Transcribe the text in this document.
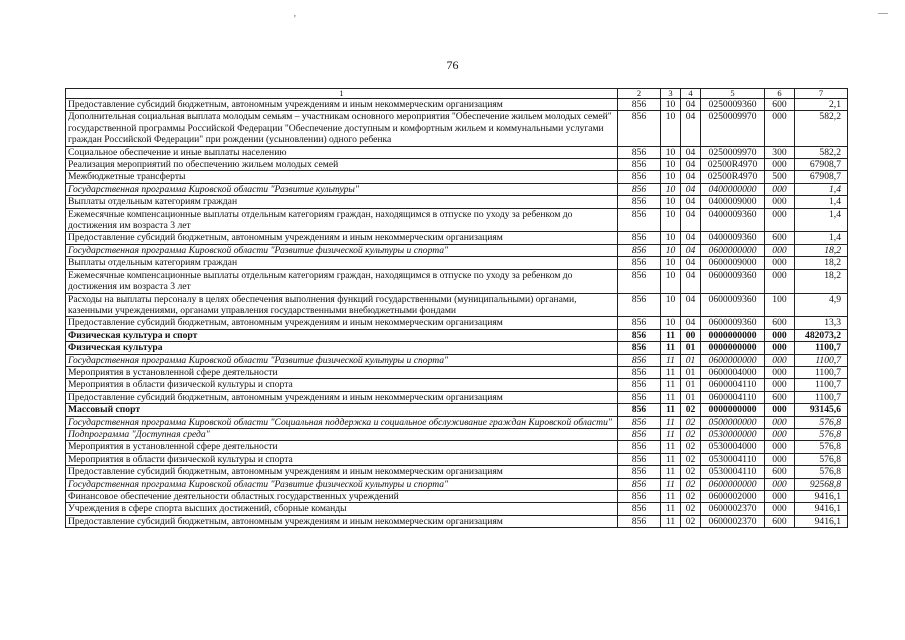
'
—
76
1	2	3	4	5	6	7
Предоставление субсидий бюджетным, автономным учреждениям и иным некоммерческим организациям	856	10	04	0250009360	600	2,1
Дополнительная социальная выплата молодым семьям – участникам основного мероприятия "Обеспечение жильем молодых семей" государственной программы Российской Федерации "Обеспечение доступным и комфортным жильем и коммунальными услугами граждан Российской Федерации" при рождении (усыновлении) одного ребенка	856	10	04	0250009970	000	582,2
Социальное обеспечение и иные выплаты населению	856	10	04	0250009970	300	582,2
Реализация мероприятий по обеспечению жильем молодых семей	856	10	04	02500R4970	000	67908,7
Межбюджетные трансферты	856	10	04	02500R4970	500	67908,7
Государственная программа Кировской области "Развитие культуры"	856	10	04	0400000000	000	1,4
Выплаты отдельным категориям граждан	856	10	04	0400009000	000	1,4
Ежемесячные компенсационные выплаты отдельным категориям граждан, находящимся в отпуске по уходу за ребенком до достижения им возраста 3 лет	856	10	04	0400009360	000	1,4
Предоставление субсидий бюджетным, автономным учреждениям и иным некоммерческим организациям	856	10	04	0400009360	600	1,4
Государственная программа Кировской области "Развитие физической культуры и спорта"	856	10	04	0600000000	000	18,2
Выплаты отдельным категориям граждан	856	10	04	0600009000	000	18,2
Ежемесячные компенсационные выплаты отдельным категориям граждан, находящимся в отпуске по уходу за ребенком до достижения им возраста 3 лет	856	10	04	0600009360	000	18,2
Расходы на выплаты персоналу в целях обеспечения выполнения функций государственными (муниципальными) органами, казенными учреждениями, органами управления государственными внебюджетными фондами	856	10	04	0600009360	100	4,9
Предоставление субсидий бюджетным, автономным учреждениям и иным некоммерческим организациям	856	10	04	0600009360	600	13,3
Физическая культура и спорт	856	11	00	0000000000	000	482073,2
Физическая культура	856	11	01	0000000000	000	1100,7
Государственная программа Кировской области "Развитие физической культуры и спорта"	856	11	01	0600000000	000	1100,7
Мероприятия в установленной сфере деятельности	856	11	01	0600004000	000	1100,7
Мероприятия в области физической культуры и спорта	856	11	01	0600004110	000	1100,7
Предоставление субсидий бюджетным, автономным учреждениям и иным некоммерческим организациям	856	11	01	0600004110	600	1100,7
Массовый спорт	856	11	02	0000000000	000	93145,6
Государственная программа Кировской области "Социальная поддержка и социальное обслуживание граждан Кировской области"	856	11	02	0500000000	000	576,8
Подпрограмма "Доступная среда"	856	11	02	0530000000	000	576,8
Мероприятия в установленной сфере деятельности	856	11	02	0530004000	000	576,8
Мероприятия в области физической культуры и спорта	856	11	02	0530004110	000	576,8
Предоставление субсидий бюджетным, автономным учреждениям и иным некоммерческим организациям	856	11	02	0530004110	600	576,8
Государственная программа Кировской области "Развитие физической культуры и спорта"	856	11	02	0600000000	000	92568,8
Финансовое обеспечение деятельности областных государственных учреждений	856	11	02	0600002000	000	9416,1
Учреждения в сфере спорта высших достижений, сборные команды	856	11	02	0600002370	000	9416,1
Предоставление субсидий бюджетным, автономным учреждениям и иным некоммерческим организациям	856	11	02	0600002370	600	9416,1
